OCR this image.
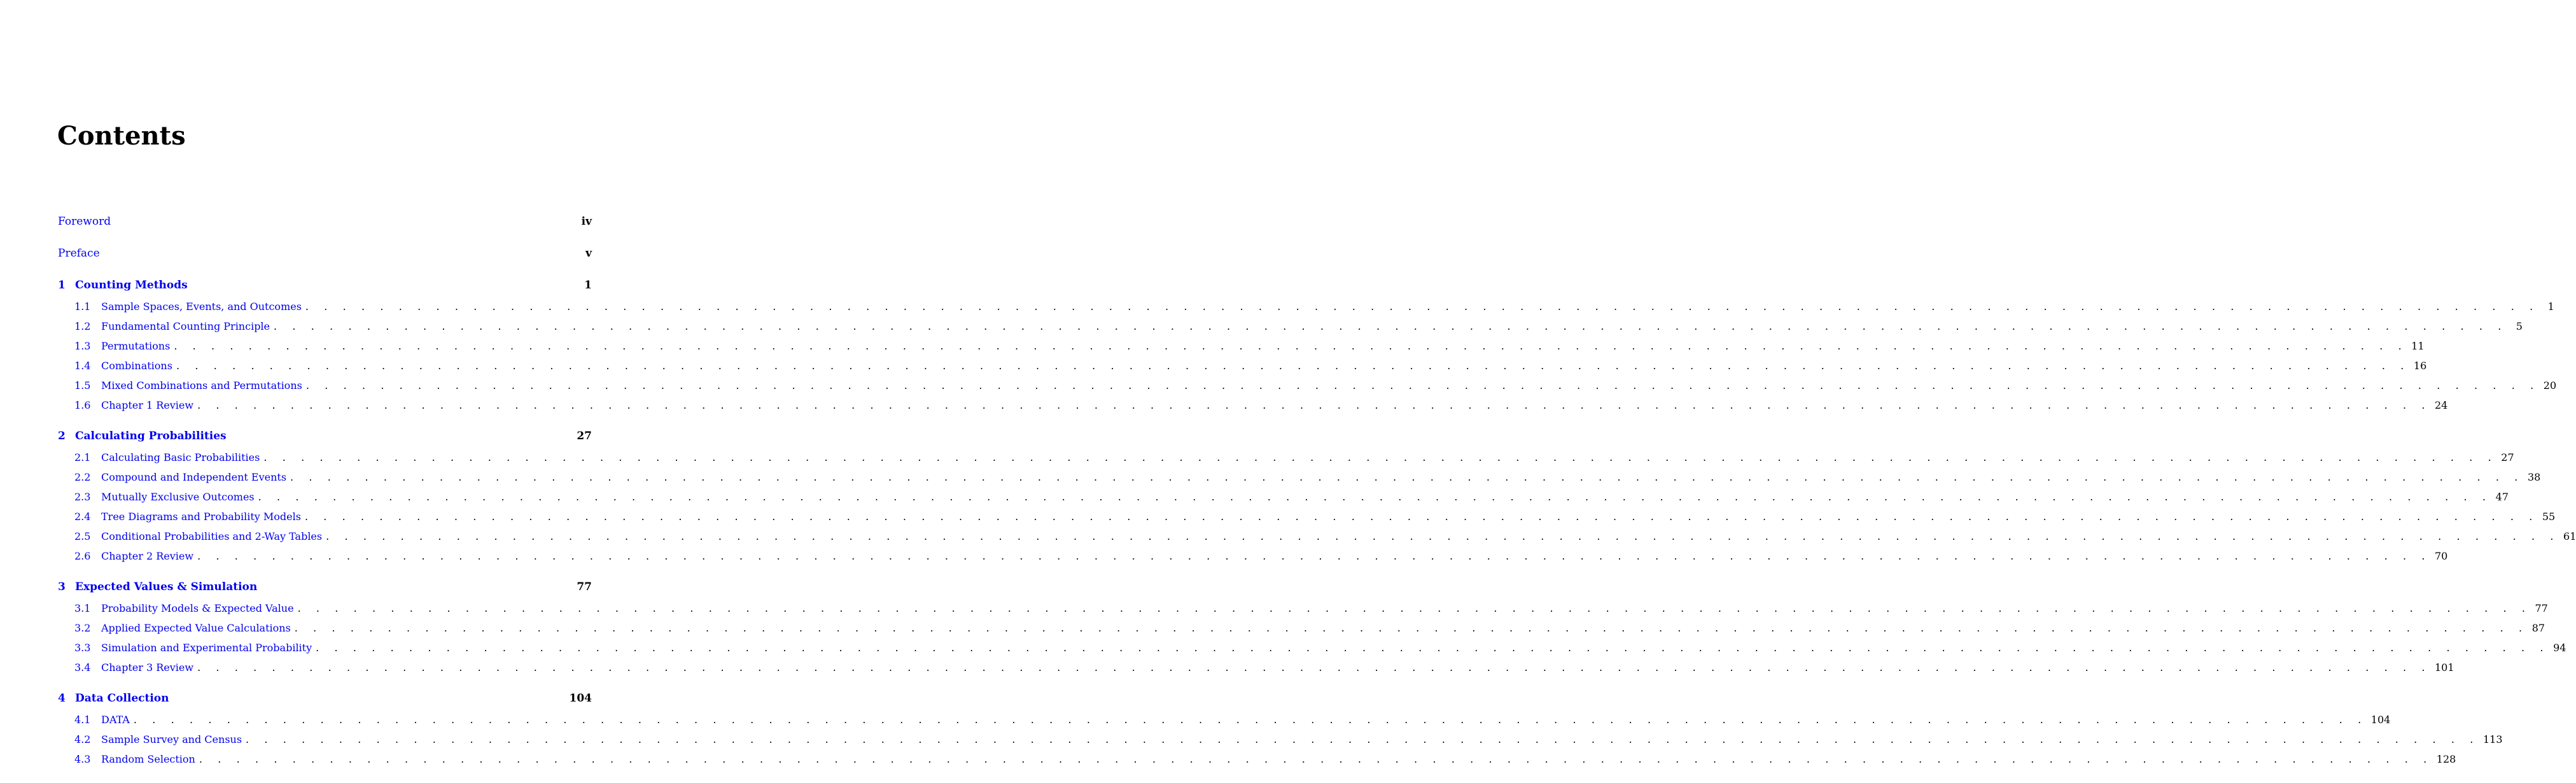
Contents
Foreword	iv
Preface	v
1 Counting Methods	1
1.1	Sample Spaces, Events, and Outcomes . . . . . . . . . . . . . . . . . . . . . . . . . . . . . . . . . . . . . . . . . . . . . . . . . . . . . . . . . . . . . . . . . . . . . . . . . . . . . . . . . . . . . . . . . . . . . . . . . . . . . . . . . . . . . . . . . . . . . . . . 1
1.2	Fundamental Counting Principle . . . . . . . . . . . . . . . . . . . . . . . . . . . . . . . . . . . . . . . . . . . . . . . . . . . . . . . . . . . . . . . . . . . . . . . . . . . . . . . . . . . . . . . . . . . . . . . . . . . . . . . . . . . . . . . . . . . . . . . . 5
1.3	Permutations . . . . . . . . . . . . . . . . . . . . . . . . . . . . . . . . . . . . . . . . . . . . . . . . . . . . . . . . . . . . . . . . . . . . . . . . . . . . . . . . . . . . . . . . . . . . . . . . . . . . . . . . . . . . . . . . . . . . . . . . 11
1.4	Combinations . . . . . . . . . . . . . . . . . . . . . . . . . . . . . . . . . . . . . . . . . . . . . . . . . . . . . . . . . . . . . . . . . . . . . . . . . . . . . . . . . . . . . . . . . . . . . . . . . . . . . . . . . . . . . . . . . . . . . . . . 16
1.5	Mixed Combinations and Permutations . . . . . . . . . . . . . . . . . . . . . . . . . . . . . . . . . . . . . . . . . . . . . . . . . . . . . . . . . . . . . . . . . . . . . . . . . . . . . . . . . . . . . . . . . . . . . . . . . . . . . . . . . . . . . . . . . . . . . . . . 20
1.6	Chapter 1 Review . . . . . . . . . . . . . . . . . . . . . . . . . . . . . . . . . . . . . . . . . . . . . . . . . . . . . . . . . . . . . . . . . . . . . . . . . . . . . . . . . . . . . . . . . . . . . . . . . . . . . . . . . . . . . . . . . . . . . . . . 24
2 Calculating Probabilities	27
2.1	Calculating Basic Probabilities . . . . . . . . . . . . . . . . . . . . . . . . . . . . . . . . . . . . . . . . . . . . . . . . . . . . . . . . . . . . . . . . . . . . . . . . . . . . . . . . . . . . . . . . . . . . . . . . . . . . . . . . . . . . . . . . . . . . . . . . 27
2.2	Compound and Independent Events . . . . . . . . . . . . . . . . . . . . . . . . . . . . . . . . . . . . . . . . . . . . . . . . . . . . . . . . . . . . . . . . . . . . . . . . . . . . . . . . . . . . . . . . . . . . . . . . . . . . . . . . . . . . . . . . . . . . . . . . 38
2.3	Mutually Exclusive Outcomes . . . . . . . . . . . . . . . . . . . . . . . . . . . . . . . . . . . . . . . . . . . . . . . . . . . . . . . . . . . . . . . . . . . . . . . . . . . . . . . . . . . . . . . . . . . . . . . . . . . . . . . . . . . . . . . . . . . . . . . . 47
2.4	Tree Diagrams and Probability Models . . . . . . . . . . . . . . . . . . . . . . . . . . . . . . . . . . . . . . . . . . . . . . . . . . . . . . . . . . . . . . . . . . . . . . . . . . . . . . . . . . . . . . . . . . . . . . . . . . . . . . . . . . . . . . . . . . . . . . . . 55
2.5	Conditional Probabilities and 2-Way Tables . . . . . . . . . . . . . . . . . . . . . . . . . . . . . . . . . . . . . . . . . . . . . . . . . . . . . . . . . . . . . . . . . . . . . . . . . . . . . . . . . . . . . . . . . . . . . . . . . . . . . . . . . . . . . . . . . . . . . . . . 61
2.6	Chapter 2 Review . . . . . . . . . . . . . . . . . . . . . . . . . . . . . . . . . . . . . . . . . . . . . . . . . . . . . . . . . . . . . . . . . . . . . . . . . . . . . . . . . . . . . . . . . . . . . . . . . . . . . . . . . . . . . . . . . . . . . . . . 70
3 Expected Values & Simulation	77
3.1	Probability Models & Expected Value . . . . . . . . . . . . . . . . . . . . . . . . . . . . . . . . . . . . . . . . . . . . . . . . . . . . . . . . . . . . . . . . . . . . . . . . . . . . . . . . . . . . . . . . . . . . . . . . . . . . . . . . . . . . . . . . . . . . . . . . 77
3.2	Applied Expected Value Calculations . . . . . . . . . . . . . . . . . . . . . . . . . . . . . . . . . . . . . . . . . . . . . . . . . . . . . . . . . . . . . . . . . . . . . . . . . . . . . . . . . . . . . . . . . . . . . . . . . . . . . . . . . . . . . . . . . . . . . . . . 87
3.3	Simulation and Experimental Probability . . . . . . . . . . . . . . . . . . . . . . . . . . . . . . . . . . . . . . . . . . . . . . . . . . . . . . . . . . . . . . . . . . . . . . . . . . . . . . . . . . . . . . . . . . . . . . . . . . . . . . . . . . . . . . . . . . . . . . . . 94
3.4	Chapter 3 Review . . . . . . . . . . . . . . . . . . . . . . . . . . . . . . . . . . . . . . . . . . . . . . . . . . . . . . . . . . . . . . . . . . . . . . . . . . . . . . . . . . . . . . . . . . . . . . . . . . . . . . . . . . . . . . . . . . . . . . . . 101
4 Data Collection	104
4.1	DATA . . . . . . . . . . . . . . . . . . . . . . . . . . . . . . . . . . . . . . . . . . . . . . . . . . . . . . . . . . . . . . . . . . . . . . . . . . . . . . . . . . . . . . . . . . . . . . . . . . . . . . . . . . . . . . . . . . . . . . . . 104
4.2	Sample Survey and Census . . . . . . . . . . . . . . . . . . . . . . . . . . . . . . . . . . . . . . . . . . . . . . . . . . . . . . . . . . . . . . . . . . . . . . . . . . . . . . . . . . . . . . . . . . . . . . . . . . . . . . . . . . . . . . . . . . . . . . . . 113
4.3	Random Selection . . . . . . . . . . . . . . . . . . . . . . . . . . . . . . . . . . . . . . . . . . . . . . . . . . . . . . . . . . . . . . . . . . . . . . . . . . . . . . . . . . . . . . . . . . . . . . . . . . . . . . . . . . . . . . . . . . . . . . . . 128
